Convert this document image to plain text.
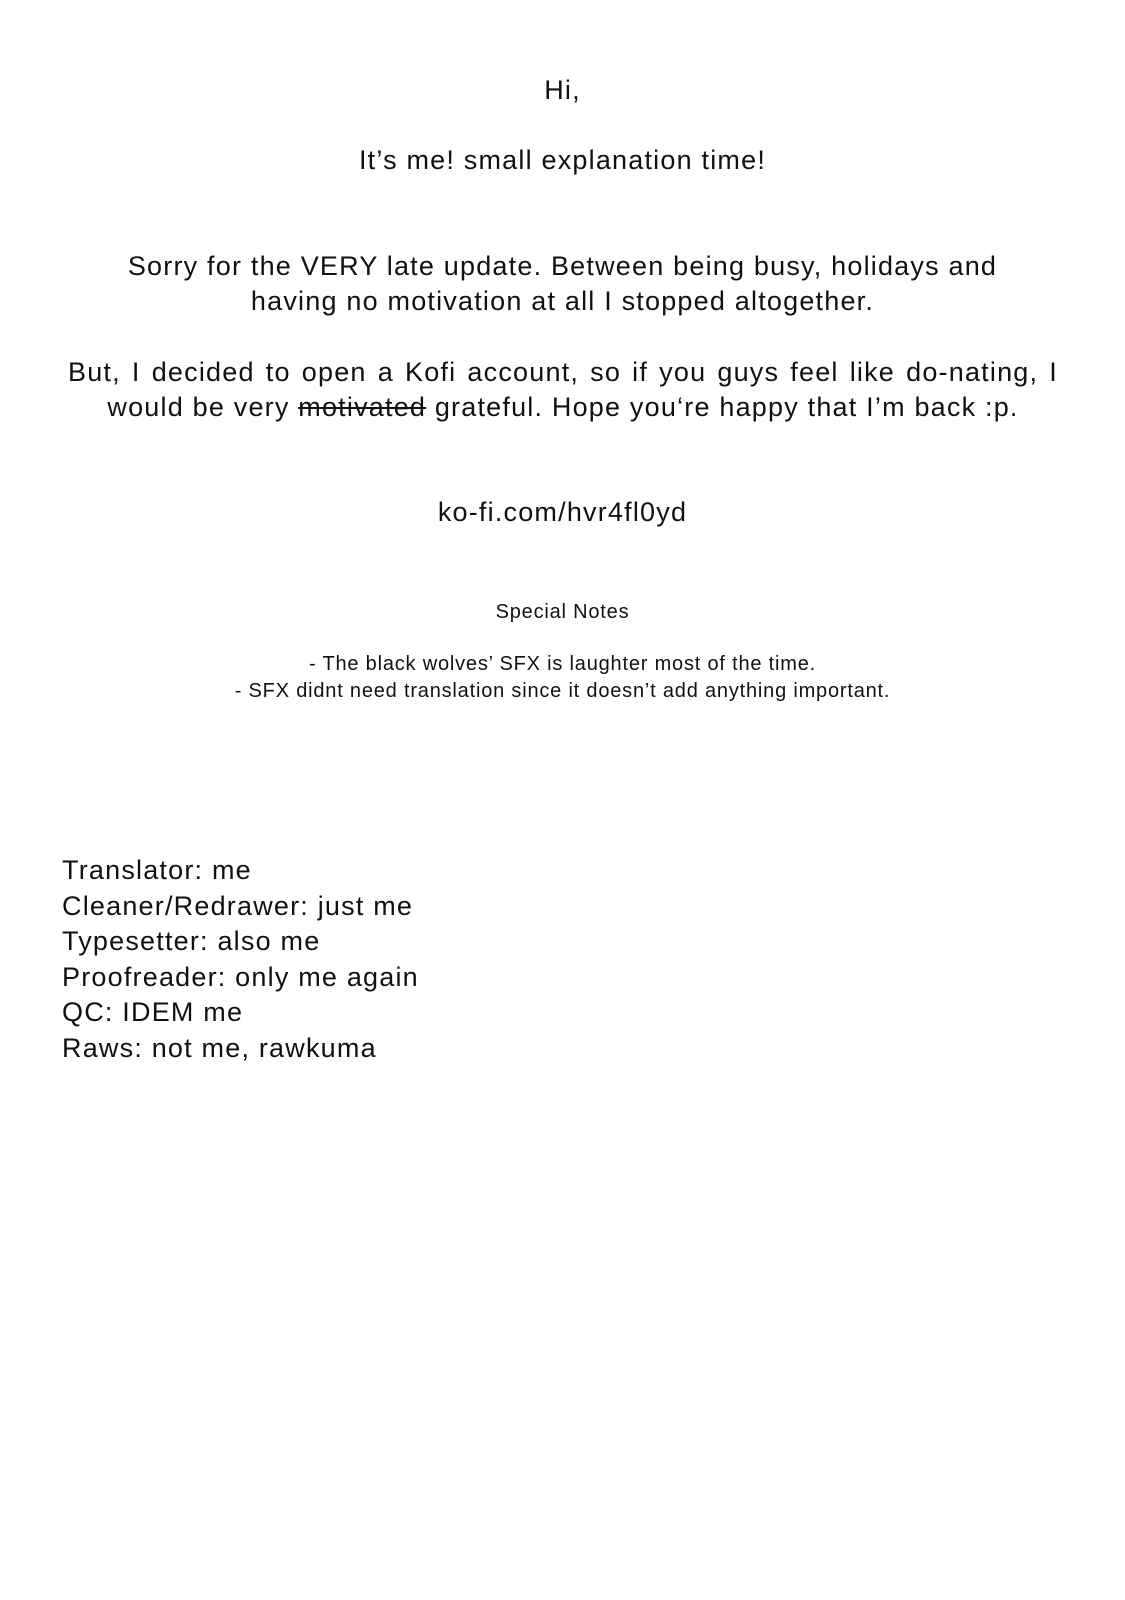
Hi,
It’s me! small explanation time!
Sorry for the VERY late update. Between being busy, holidays and
having no motivation at all I stopped altogether.
But, I decided to open a Kofi account, so if you guys feel like do-nating, I would be very motivated grateful. Hope you‘re happy that I’m back :p.
ko-fi.com/hvr4fl0yd
Special Notes
- The black wolves’ SFX is laughter most of the time.
- SFX didnt need translation since it doesn’t add anything important.
Translator: me
Cleaner/Redrawer: just me
Typesetter: also me
Proofreader: only me again
QC: IDEM me
Raws: not me, rawkuma
